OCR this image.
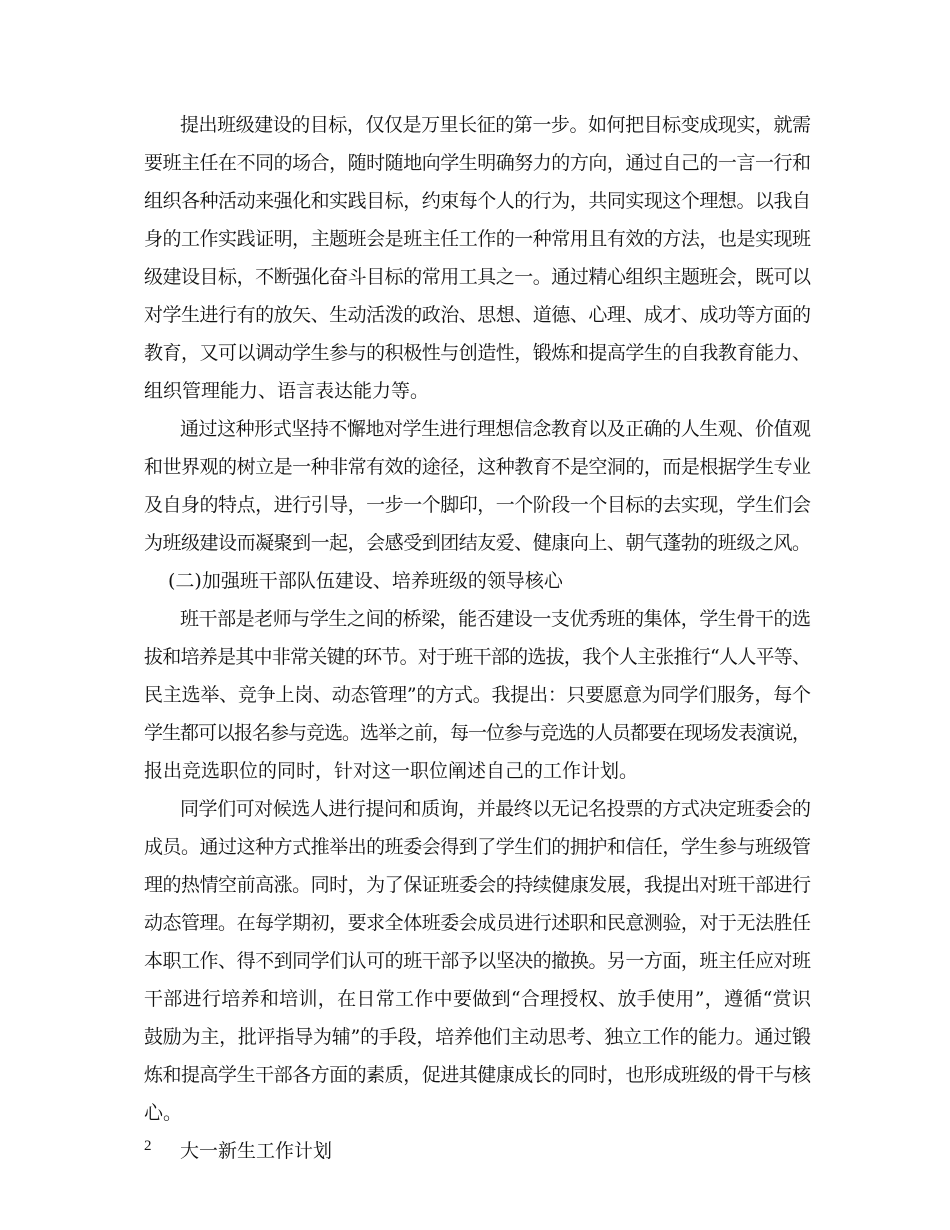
提出班级建设的目标，仅仅是万里长征的第一步。如何把目标变成现实，就需
要班主任在不同的场合，随时随地向学生明确努力的方向，通过自己的一言一行和
组织各种活动来强化和实践目标，约束每个人的行为，共同实现这个理想。以我自
身的工作实践证明，主题班会是班主任工作的一种常用且有效的方法，也是实现班
级建设目标，不断强化奋斗目标的常用工具之一。通过精心组织主题班会，既可以
对学生进行有的放矢、生动活泼的政治、思想、道德、心理、成才、成功等方面的
教育，又可以调动学生参与的积极性与创造性，锻炼和提高学生的自我教育能力、
组织管理能力、语言表达能力等。
通过这种形式坚持不懈地对学生进行理想信念教育以及正确的人生观、价值观
和世界观的树立是一种非常有效的途径，这种教育不是空洞的，而是根据学生专业
及自身的特点，进行引导，一步一个脚印，一个阶段一个目标的去实现，学生们会
为班级建设而凝聚到一起，会感受到团结友爱、健康向上、朝气蓬勃的班级之风。
(二)加强班干部队伍建设、培养班级的领导核心
班干部是老师与学生之间的桥梁，能否建设一支优秀班的集体，学生骨干的选
拔和培养是其中非常关键的环节。对于班干部的选拔，我个人主张推行“人人平等、
民主选举、竞争上岗、动态管理”的方式。我提出：只要愿意为同学们服务，每个
学生都可以报名参与竞选。选举之前，每一位参与竞选的人员都要在现场发表演说，
报出竞选职位的同时，针对这一职位阐述自己的工作计划。
同学们可对候选人进行提问和质询，并最终以无记名投票的方式决定班委会的
成员。通过这种方式推举出的班委会得到了学生们的拥护和信任，学生参与班级管
理的热情空前高涨。同时，为了保证班委会的持续健康发展，我提出对班干部进行
动态管理。在每学期初，要求全体班委会成员进行述职和民意测验，对于无法胜任
本职工作、得不到同学们认可的班干部予以坚决的撤换。另一方面，班主任应对班
干部进行培养和培训，在日常工作中要做到“合理授权、放手使用”，遵循“赏识
鼓励为主，批评指导为辅”的手段，培养他们主动思考、独立工作的能力。通过锻
炼和提高学生干部各方面的素质，促进其健康成长的同时，也形成班级的骨干与核
心。
大一新生工作计划
2
